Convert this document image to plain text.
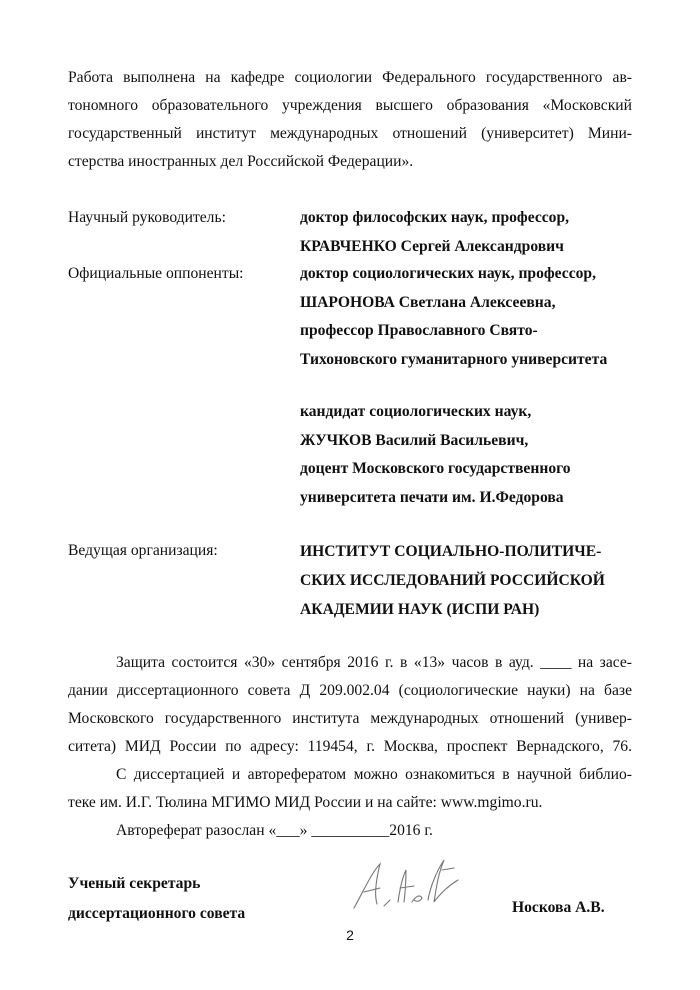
Работа выполнена на кафедре социологии Федерального государственного ав-
тономного образовательного учреждения высшего образования «Московский
государственный институт международных отношений (университет) Мини-
стерства иностранных дел Российской Федерации».
Научный руководитель:	доктор философских наук, профессор,
КРАВЧЕНКО Сергей Александрович
Официальные оппоненты:	доктор социологических наук, профессор,
ШАРОНОВА Светлана Алексеевна,
профессор Православного Свято-
Тихоновского гуманитарного университета
кандидат социологических наук,
ЖУЧКОВ Василий Васильевич,
доцент Московского государственного
университета печати им. И.Федорова
Ведущая организация:	ИНСТИТУТ СОЦИАЛЬНО-ПОЛИТИЧЕ-
СКИХ ИССЛЕДОВАНИЙ РОССИЙСКОЙ
АКАДЕМИИ НАУК (ИСПИ РАН)
Защита состоится «30» сентября 2016 г. в «13» часов в ауд. ____ на засе-
дании диссертационного совета Д 209.002.04 (социологические науки) на базе
Московского государственного института международных отношений (универ-
ситета) МИД России по адресу: 119454, г. Москва, проспект Вернадского, 76.
С диссертацией и авторефератом можно ознакомиться в научной библио-
теке им. И.Г. Тюлина МГИМО МИД России и на сайте: www.mgimo.ru.
Автореферат разослан «___» __________2016 г.
Ученый секретарь
диссертационного совета	Носкова А.В.
2
